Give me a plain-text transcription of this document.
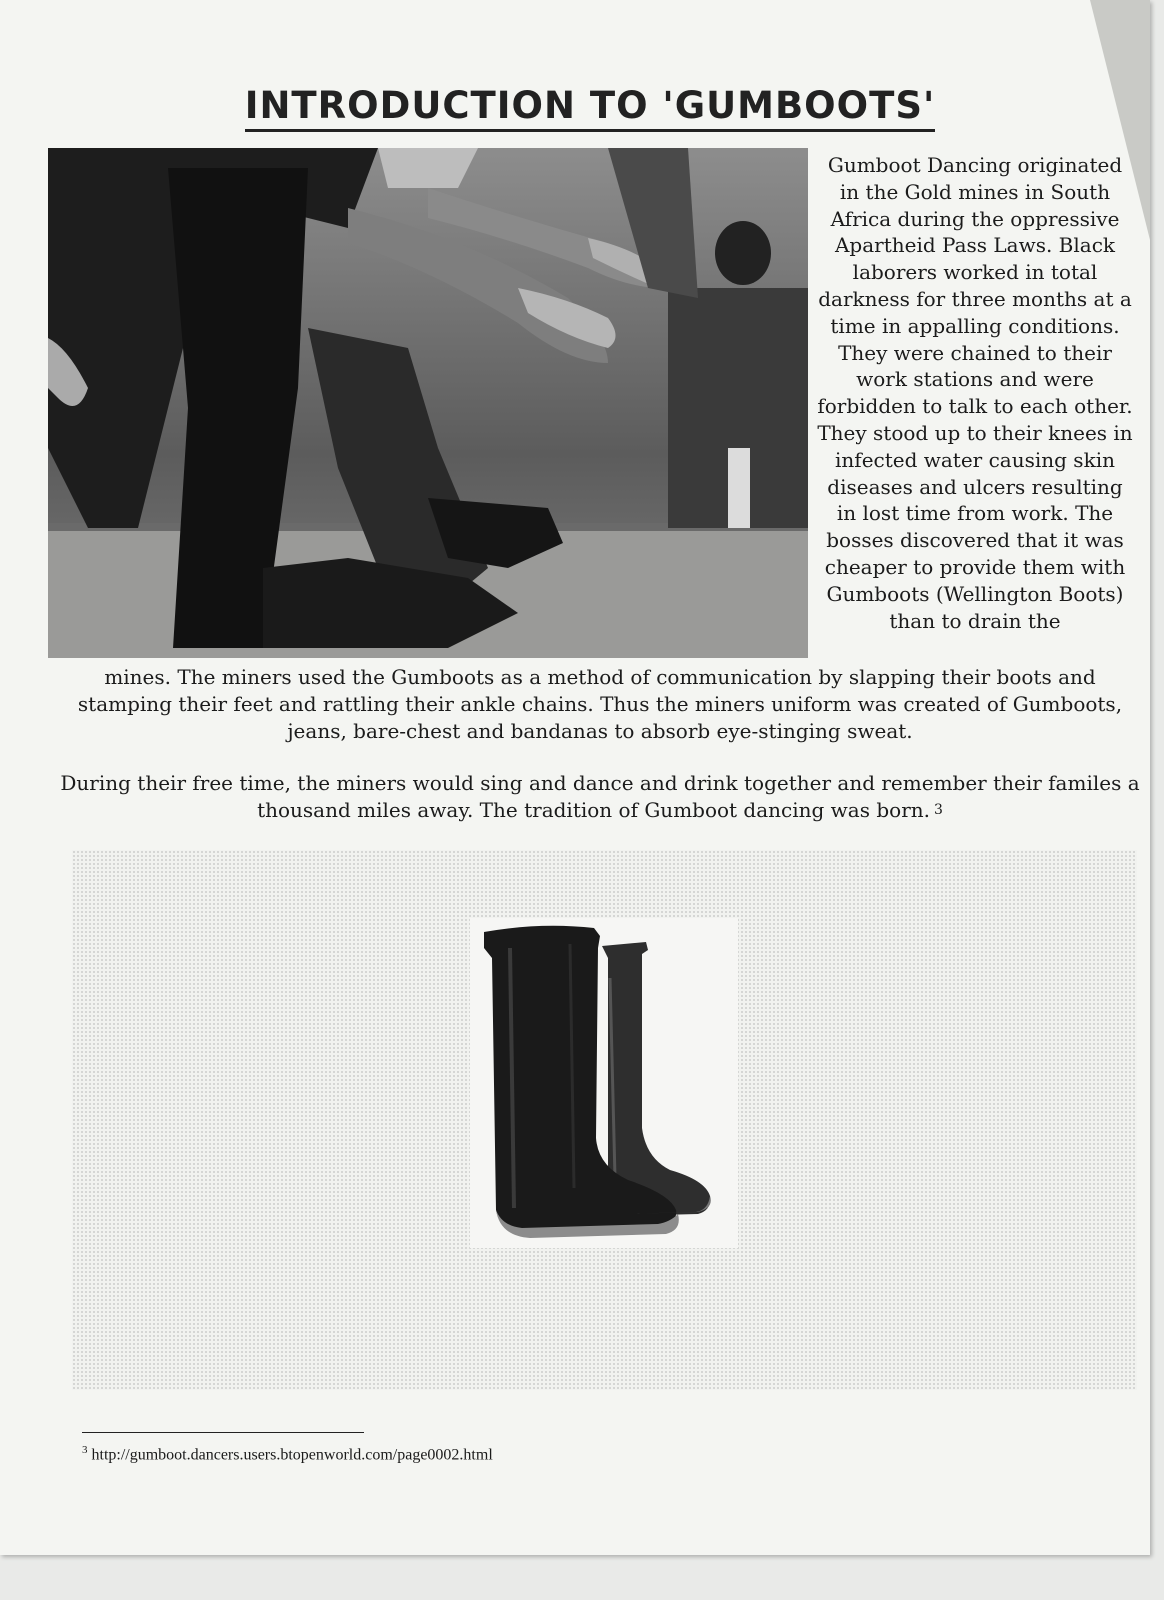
INTRODUCTION TO 'GUMBOOTS'
Gumboot Dancing originated in the Gold mines in South Africa during the oppressive Apartheid Pass Laws. Black laborers worked in total darkness for three months at a time in appalling conditions. They were chained to their work stations and were forbidden to talk to each other. They stood up to their knees in infected water causing skin diseases and ulcers resulting in lost time from work. The bosses discovered that it was cheaper to provide them with Gumboots (Wellington Boots) than to drain the

mines. The miners used the Gumboots as a method of communication by slapping their boots and stamping their feet and rattling their ankle chains. Thus the miners uniform was created of Gumboots, jeans, bare-chest and bandanas to absorb eye-stinging sweat.

During their free time, the miners would sing and dance and drink together and remember their familes a thousand miles away. The tradition of Gumboot dancing was born. 3

$^3$ http://gumboot.dancers.users.btopenworld.com/page0002.html
